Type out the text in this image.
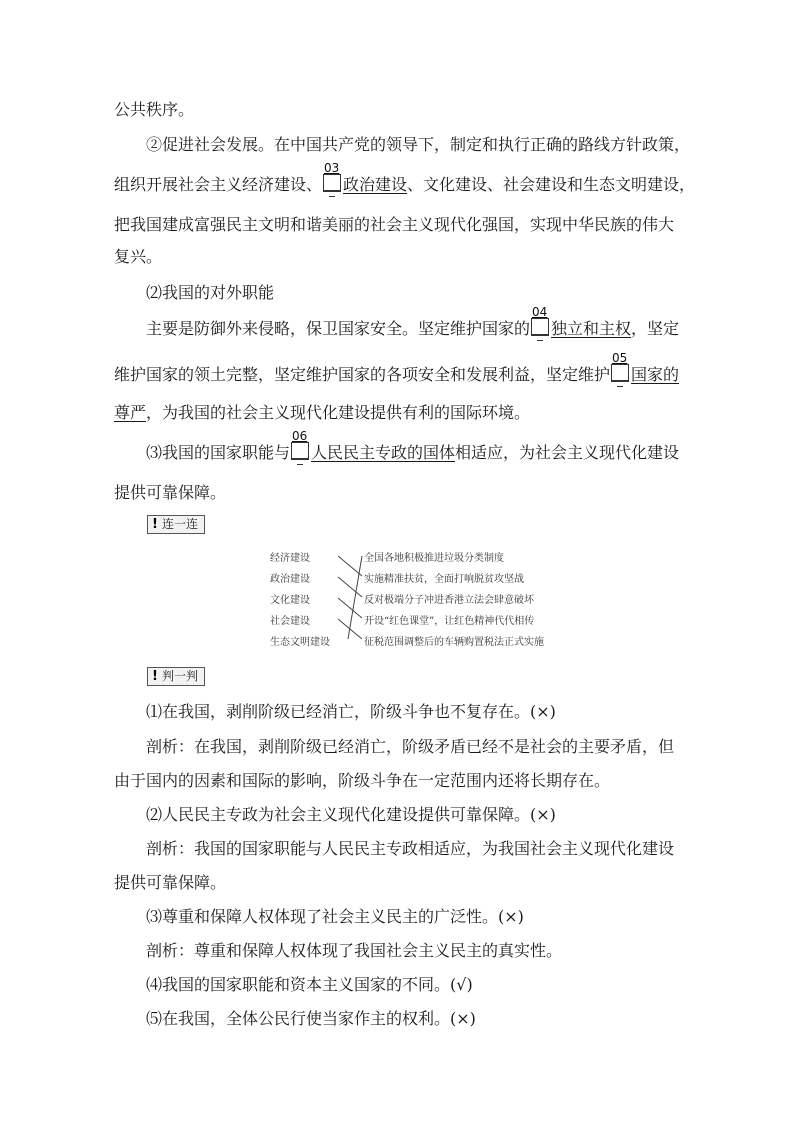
公共秩序。
②促进社会发展。在中国共产党的领导下，制定和执行正确的路线方针政策，
组织开展社会主义经济建设、
03
政治建设、文化建设、社会建设和生态文明建设，
把我国建成富强民主文明和谐美丽的社会主义现代化强国，实现中华民族的伟大
复兴。
⑵我国的对外职能
主要是防御外来侵略，保卫国家安全。坚定维护国家的
04
独立和主权，坚定
维护国家的领土完整，坚定维护国家的各项安全和发展利益，坚定维护
05
国家的
尊严，为我国的社会主义现代化建设提供有利的国际环境。
⑶我国的国家职能与
06
人民民主专政的国体相适应，为社会主义现代化建设
提供可靠保障。
! 连一连
经济建设
政治建设
文化建设
社会建设
生态文明建设
全国各地积极推进垃圾分类制度
实施精准扶贫，全面打响脱贫攻坚战
反对极端分子冲进香港立法会肆意破坏
开设“红色课堂”，让红色精神代代相传
征税范围调整后的车辆购置税法正式实施
! 判一判
⑴在我国，剥削阶级已经消亡，阶级斗争也不复存在。(×)
剖析：在我国，剥削阶级已经消亡，阶级矛盾已经不是社会的主要矛盾，但
由于国内的因素和国际的影响，阶级斗争在一定范围内还将长期存在。
⑵人民民主专政为社会主义现代化建设提供可靠保障。(×)
剖析：我国的国家职能与人民民主专政相适应，为我国社会主义现代化建设
提供可靠保障。
⑶尊重和保障人权体现了社会主义民主的广泛性。(×)
剖析：尊重和保障人权体现了我国社会主义民主的真实性。
⑷我国的国家职能和资本主义国家的不同。(√)
⑸在我国，全体公民行使当家作主的权利。(×)
